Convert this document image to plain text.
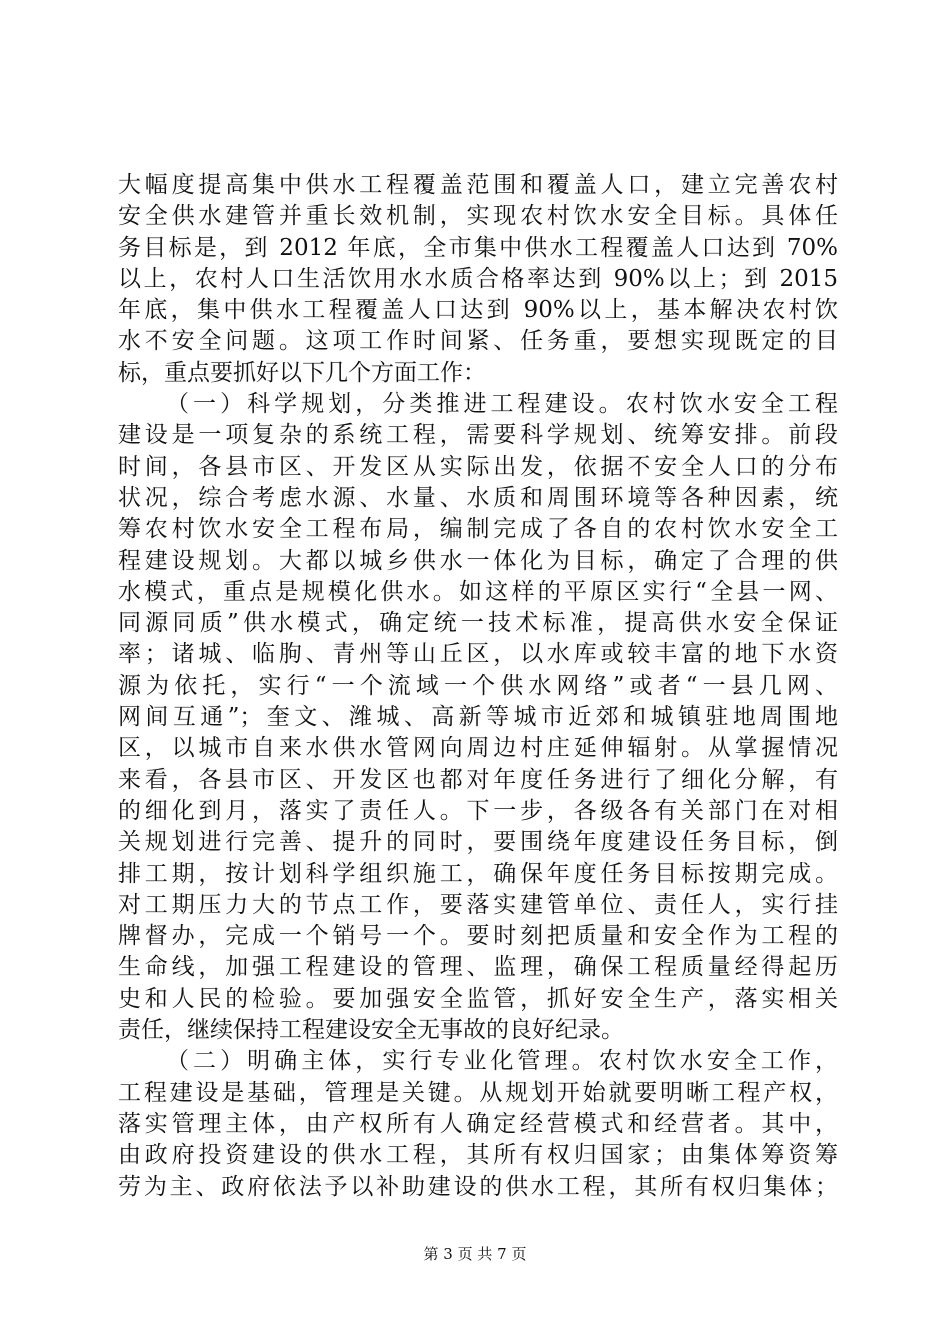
大幅度提高集中供水工程覆盖范围和覆盖人口，建立完善农村
安全供水建管并重长效机制，实现农村饮水安全目标。具体任
务目标是，到 2012 年底，全市集中供水工程覆盖人口达到 70%
以上，农村人口生活饮用水水质合格率达到 90%以上；到 2015
年底，集中供水工程覆盖人口达到 90%以上，基本解决农村饮
水不安全问题。这项工作时间紧、任务重，要想实现既定的目
标，重点要抓好以下几个方面工作：
（一）科学规划，分类推进工程建设。农村饮水安全工程
建设是一项复杂的系统工程，需要科学规划、统筹安排。前段
时间，各县市区、开发区从实际出发，依据不安全人口的分布
状况，综合考虑水源、水量、水质和周围环境等各种因素，统
筹农村饮水安全工程布局，编制完成了各自的农村饮水安全工
程建设规划。大都以城乡供水一体化为目标，确定了合理的供
水模式，重点是规模化供水。如这样的平原区实行“全县一网、
同源同质”供水模式，确定统一技术标准，提高供水安全保证
率；诸城、临朐、青州等山丘区，以水库或较丰富的地下水资
源为依托，实行“一个流域一个供水网络”或者“一县几网、
网间互通”；奎文、潍城、高新等城市近郊和城镇驻地周围地
区，以城市自来水供水管网向周边村庄延伸辐射。从掌握情况
来看，各县市区、开发区也都对年度任务进行了细化分解，有
的细化到月，落实了责任人。下一步，各级各有关部门在对相
关规划进行完善、提升的同时，要围绕年度建设任务目标，倒
排工期，按计划科学组织施工，确保年度任务目标按期完成。
对工期压力大的节点工作，要落实建管单位、责任人，实行挂
牌督办，完成一个销号一个。要时刻把质量和安全作为工程的
生命线，加强工程建设的管理、监理，确保工程质量经得起历
史和人民的检验。要加强安全监管，抓好安全生产，落实相关
责任，继续保持工程建设安全无事故的良好纪录。
（二）明确主体，实行专业化管理。农村饮水安全工作，
工程建设是基础，管理是关键。从规划开始就要明晰工程产权，
落实管理主体，由产权所有人确定经营模式和经营者。其中，
由政府投资建设的供水工程，其所有权归国家；由集体筹资筹
劳为主、政府依法予以补助建设的供水工程，其所有权归集体；
第 3 页 共 7 页
